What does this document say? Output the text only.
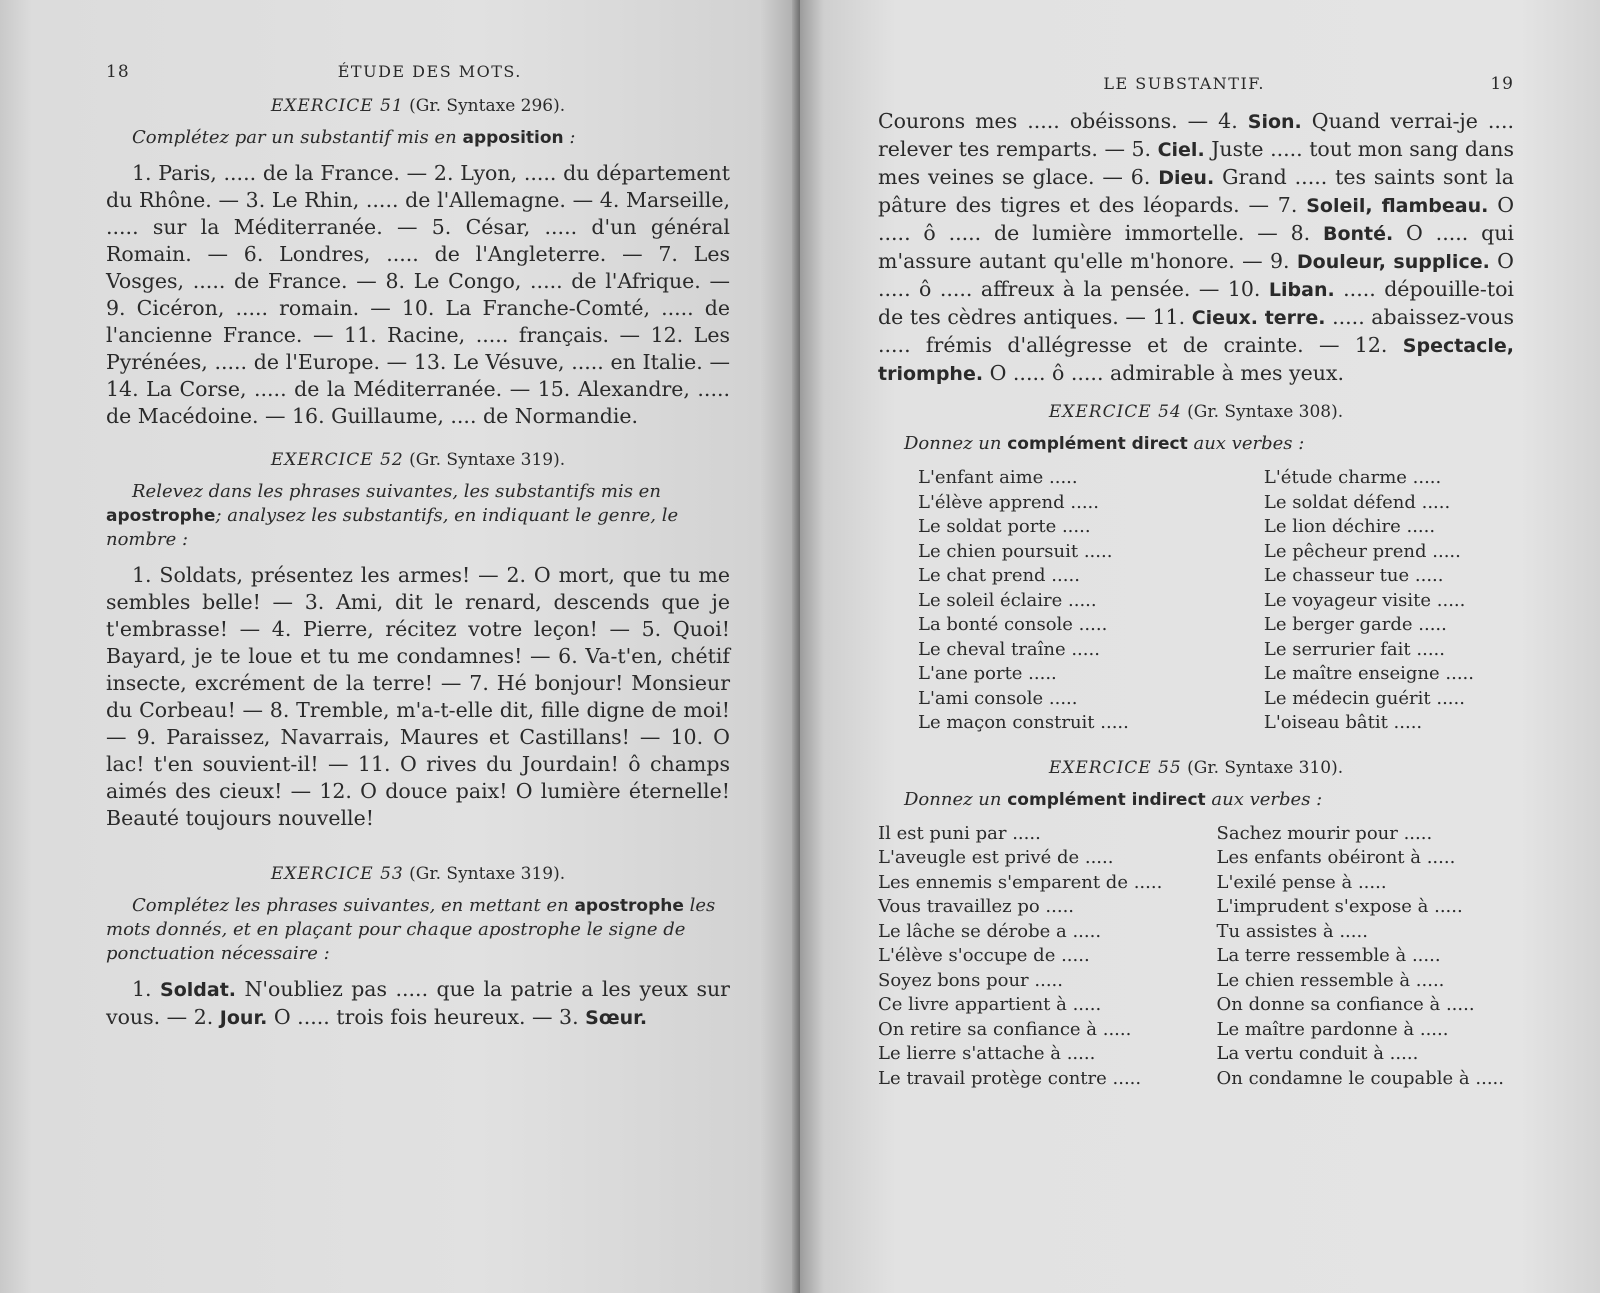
18	ÉTUDE DES MOTS.
EXERCICE 51 (Gr. Syntaxe 296).

Complétez par un substantif mis en apposition :

1. Paris, ..... de la France. — 2. Lyon, ..... du département du Rhône. — 3. Le Rhin, ..... de l'Allemagne. — 4. Marseille, ..... sur la Méditerranée. — 5. César, ..... d'un général Romain. — 6. Londres, ..... de l'Angleterre. — 7. Les Vosges, ..... de France. — 8. Le Congo, ..... de l'Afrique. — 9. Cicéron, ..... romain. — 10. La Franche-Comté, ..... de l'ancienne France. — 11. Racine, ..... français. — 12. Les Pyrénées, ..... de l'Europe. — 13. Le Vésuve, ..... en Italie. — 14. La Corse, ..... de la Méditerranée. — 15. Alexandre, ..... de Macédoine. — 16. Guillaume, .... de Normandie.

EXERCICE 52 (Gr. Syntaxe 319).

Relevez dans les phrases suivantes, les substantifs mis en apostrophe; analysez les substantifs, en indiquant le genre, le nombre :

1. Soldats, présentez les armes! — 2. O mort, que tu me sembles belle! — 3. Ami, dit le renard, descends que je t'embrasse! — 4. Pierre, récitez votre leçon! — 5. Quoi! Bayard, je te loue et tu me condamnes! — 6. Va-t'en, chétif insecte, excrément de la terre! — 7. Hé bonjour! Monsieur du Corbeau! — 8. Tremble, m'a-t-elle dit, fille digne de moi! — 9. Paraissez, Navarrais, Maures et Castillans! — 10. O lac! t'en souvient-il! — 11. O rives du Jourdain! ô champs aimés des cieux! — 12. O douce paix! O lumière éternelle! Beauté toujours nouvelle!

EXERCICE 53 (Gr. Syntaxe 319).

Complétez les phrases suivantes, en mettant en apostrophe les mots donnés, et en plaçant pour chaque apostrophe le signe de ponctuation nécessaire :

1. Soldat. N'oubliez pas ..... que la patrie a les yeux sur vous. — 2. Jour. O ..... trois fois heureux. — 3. Sœur.

LE SUBSTANTIF.	19

Courons mes ..... obéissons. — 4. Sion. Quand verrai-je .... relever tes remparts. — 5. Ciel. Juste ..... tout mon sang dans mes veines se glace. — 6. Dieu. Grand ..... tes saints sont la pâture des tigres et des léopards. — 7. Soleil, flambeau. O ..... ô ..... de lumière immortelle. — 8. Bonté. O ..... qui m'assure autant qu'elle m'honore. — 9. Douleur, supplice. O ..... ô ..... affreux à la pensée. — 10. Liban. ..... dépouille-toi de tes cèdres antiques. — 11. Cieux. terre. ..... abaissez-vous ..... frémis d'allégresse et de crainte. — 12. Spectacle, triomphe. O ..... ô ..... admirable à mes yeux.

EXERCICE 54 (Gr. Syntaxe 308).

Donnez un complément direct aux verbes :

L'enfant aime .....
L'élève apprend .....
Le soldat porte .....
Le chien poursuit .....
Le chat prend .....
Le soleil éclaire .....
La bonté console .....
Le cheval traîne .....
L'ane porte .....
L'ami console .....
Le maçon construit .....
L'étude charme .....
Le soldat défend .....
Le lion déchire .....
Le pêcheur prend .....
Le chasseur tue .....
Le voyageur visite .....
Le berger garde .....
Le serrurier fait .....
Le maître enseigne .....
Le médecin guérit .....
L'oiseau bâtit .....
EXERCICE 55 (Gr. Syntaxe 310).

Donnez un complément indirect aux verbes :

Il est puni par .....
L'aveugle est privé de .....
Les ennemis s'emparent de .....
Vous travaillez po .....
Le lâche se dérobe a .....
L'élève s'occupe de .....
Soyez bons pour .....
Ce livre appartient à .....
On retire sa confiance à .....
Le lierre s'attache à .....
Le travail protège contre .....
Sachez mourir pour .....
Les enfants obéiront à .....
L'exilé pense à .....
L'imprudent s'expose à .....
Tu assistes à .....
La terre ressemble à .....
Le chien ressemble à .....
On donne sa confiance à .....
Le maître pardonne à .....
La vertu conduit à .....
On condamne le coupable à .....
